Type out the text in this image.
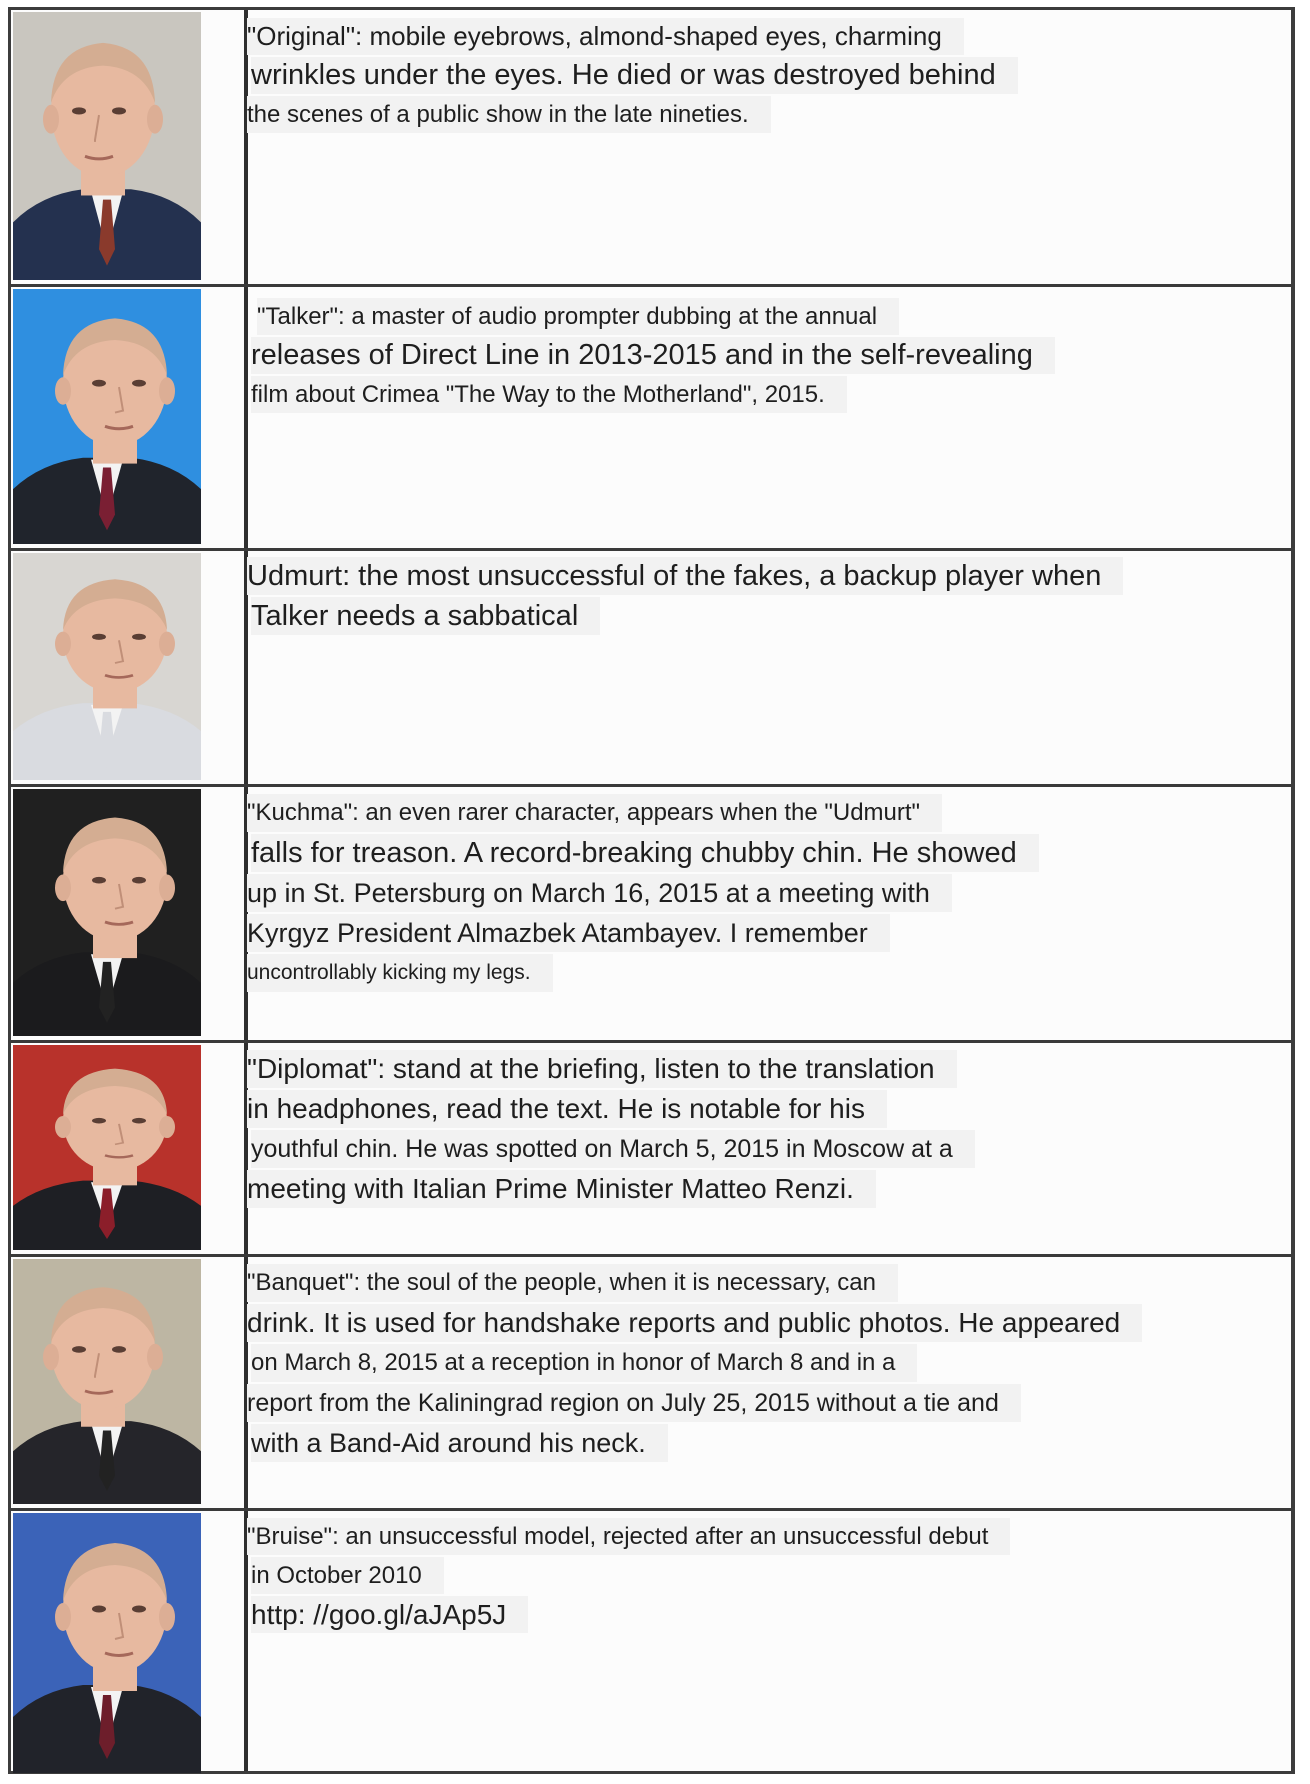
"Original": mobile eyebrows, almond-shaped eyes, charming
wrinkles under the eyes. He died or was destroyed behind
the scenes of a public show in the late nineties.
"Talker": a master of audio prompter dubbing at the annual
releases of Direct Line in 2013-2015 and in the self-revealing
film about Crimea "The Way to the Motherland", 2015.
Udmurt: the most unsuccessful of the fakes, a backup player when
Talker needs a sabbatical
"Kuchma": an even rarer character, appears when the "Udmurt"
falls for treason. A record-breaking chubby chin. He showed
up in St. Petersburg on March 16, 2015 at a meeting with
Kyrgyz President Almazbek Atambayev. I remember
uncontrollably kicking my legs.
"Diplomat": stand at the briefing, listen to the translation
in headphones, read the text. He is notable for his
youthful chin. He was spotted on March 5, 2015 in Moscow at a
meeting with Italian Prime Minister Matteo Renzi.
"Banquet": the soul of the people, when it is necessary, can
drink. It is used for handshake reports and public photos. He appeared
on March 8, 2015 at a reception in honor of March 8 and in a
report from the Kaliningrad region on July 25, 2015 without a tie and
with a Band-Aid around his neck.
"Bruise": an unsuccessful model, rejected after an unsuccessful debut
in October 2010
http: //goo.gl/aJAp5J
